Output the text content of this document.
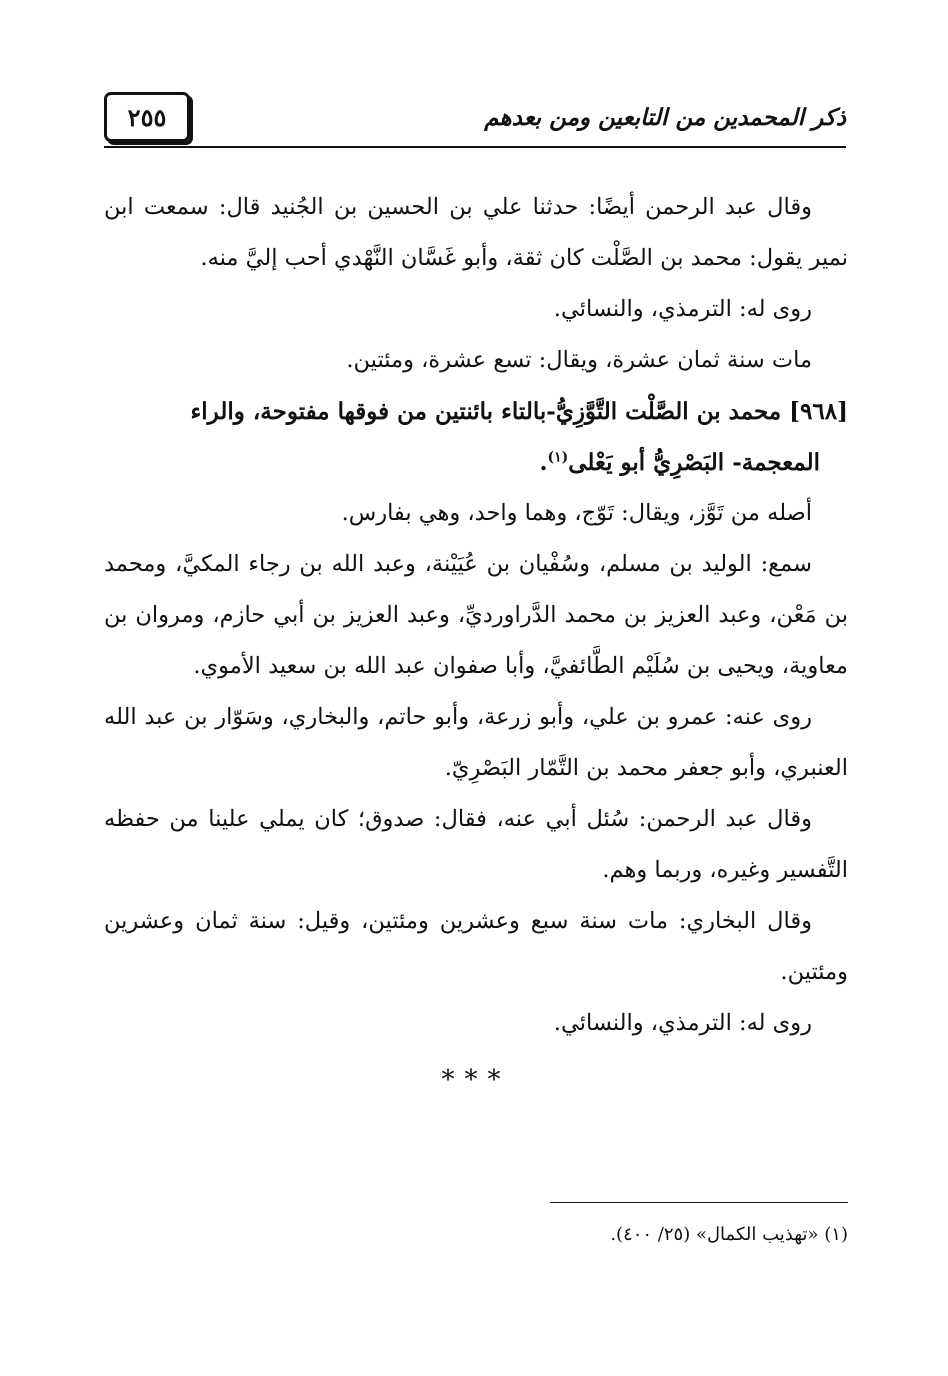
٢٥٥	ذكر المحمدين من التابعين ومن بعدهم

وقال عبد الرحمن أيضًا: حدثنا علي بن الحسين بن الجُنيد قال: سمعت ابن نمير يقول: محمد بن الصَّلْت كان ثقة، وأبو غَسَّان النَّهْدي أحب إليَّ منه.

روى له: الترمذي، والنسائي.

مات سنة ثمان عشرة، ويقال: تسع عشرة، ومئتين.

[٩٦٨] محمد بن الصَّلْت التَّوَّزِيُّ-بالتاء بائنتين من فوقها مفتوحة، والراء
المعجمة- البَصْرِيُّ أبو يَعْلى$^{(١)}$.

أصله من تَوَّز، ويقال: تَوّج، وهما واحد، وهي بفارس.

سمع: الوليد بن مسلم، وسُفْيان بن عُيَيْنة، وعبد الله بن رجاء المكيَّ، ومحمد بن مَعْن، وعبد العزيز بن محمد الدَّراورديِّ، وعبد العزيز بن أبي حازم، ومروان بن معاوية، ويحيى بن سُلَيْم الطَّائفيَّ، وأبا صفوان عبد الله بن سعيد الأموي.

روى عنه: عمرو بن علي، وأبو زرعة، وأبو حاتم، والبخاري، وسَوّار بن عبد الله العنبري، وأبو جعفر محمد بن التَّمّار البَصْرِيّ.

وقال عبد الرحمن: سُئل أبي عنه، فقال: صدوق؛ كان يملي علينا من حفظه التَّفسير وغيره، وربما وهم.

وقال البخاري: مات سنة سبع وعشرين ومئتين، وقيل: سنة ثمان وعشرين ومئتين.

روى له: الترمذي، والنسائي.

***
(١) «تهذيب الكمال» (٢٥/ ٤٠٠).
